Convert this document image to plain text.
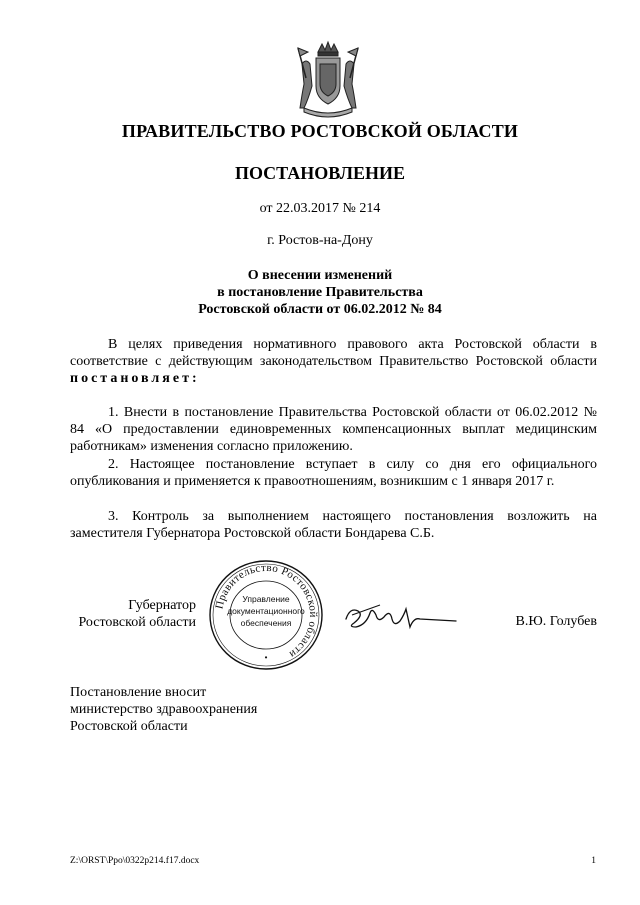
ПРАВИТЕЛЬСТВО РОСТОВСКОЙ ОБЛАСТИ
ПОСТАНОВЛЕНИЕ
от 22.03.2017 № 214
г. Ростов-на-Дону
О внесении изменений
в постановление Правительства
Ростовской области от 06.02.2012 № 84

В целях приведения нормативного правового акта Ростовской области в соответствие с действующим законодательством Правительство Ростовской области постановляет:

1. Внести в постановление Правительства Ростовской области от 06.02.2012 № 84 «О предоставлении единовременных компенсационных выплат медицинским работникам» изменения согласно приложению.

2. Настоящее постановление вступает в силу со дня его официального опубликования и применяется к правоотношениям, возникшим с 1 января 2017 г.

3. Контроль за выполнением настоящего постановления возложить на заместителя Губернатора Ростовской области Бондарева С.Б.

Губернатор
Ростовской области
Правительство Ростовской области
Управление
документационного
обеспечения
•
В.Ю. Голубев
Постановление вносит
министерство здравоохранения
Ростовской области
Z:\ORST\Ppo\0322p214.f17.docx	1
